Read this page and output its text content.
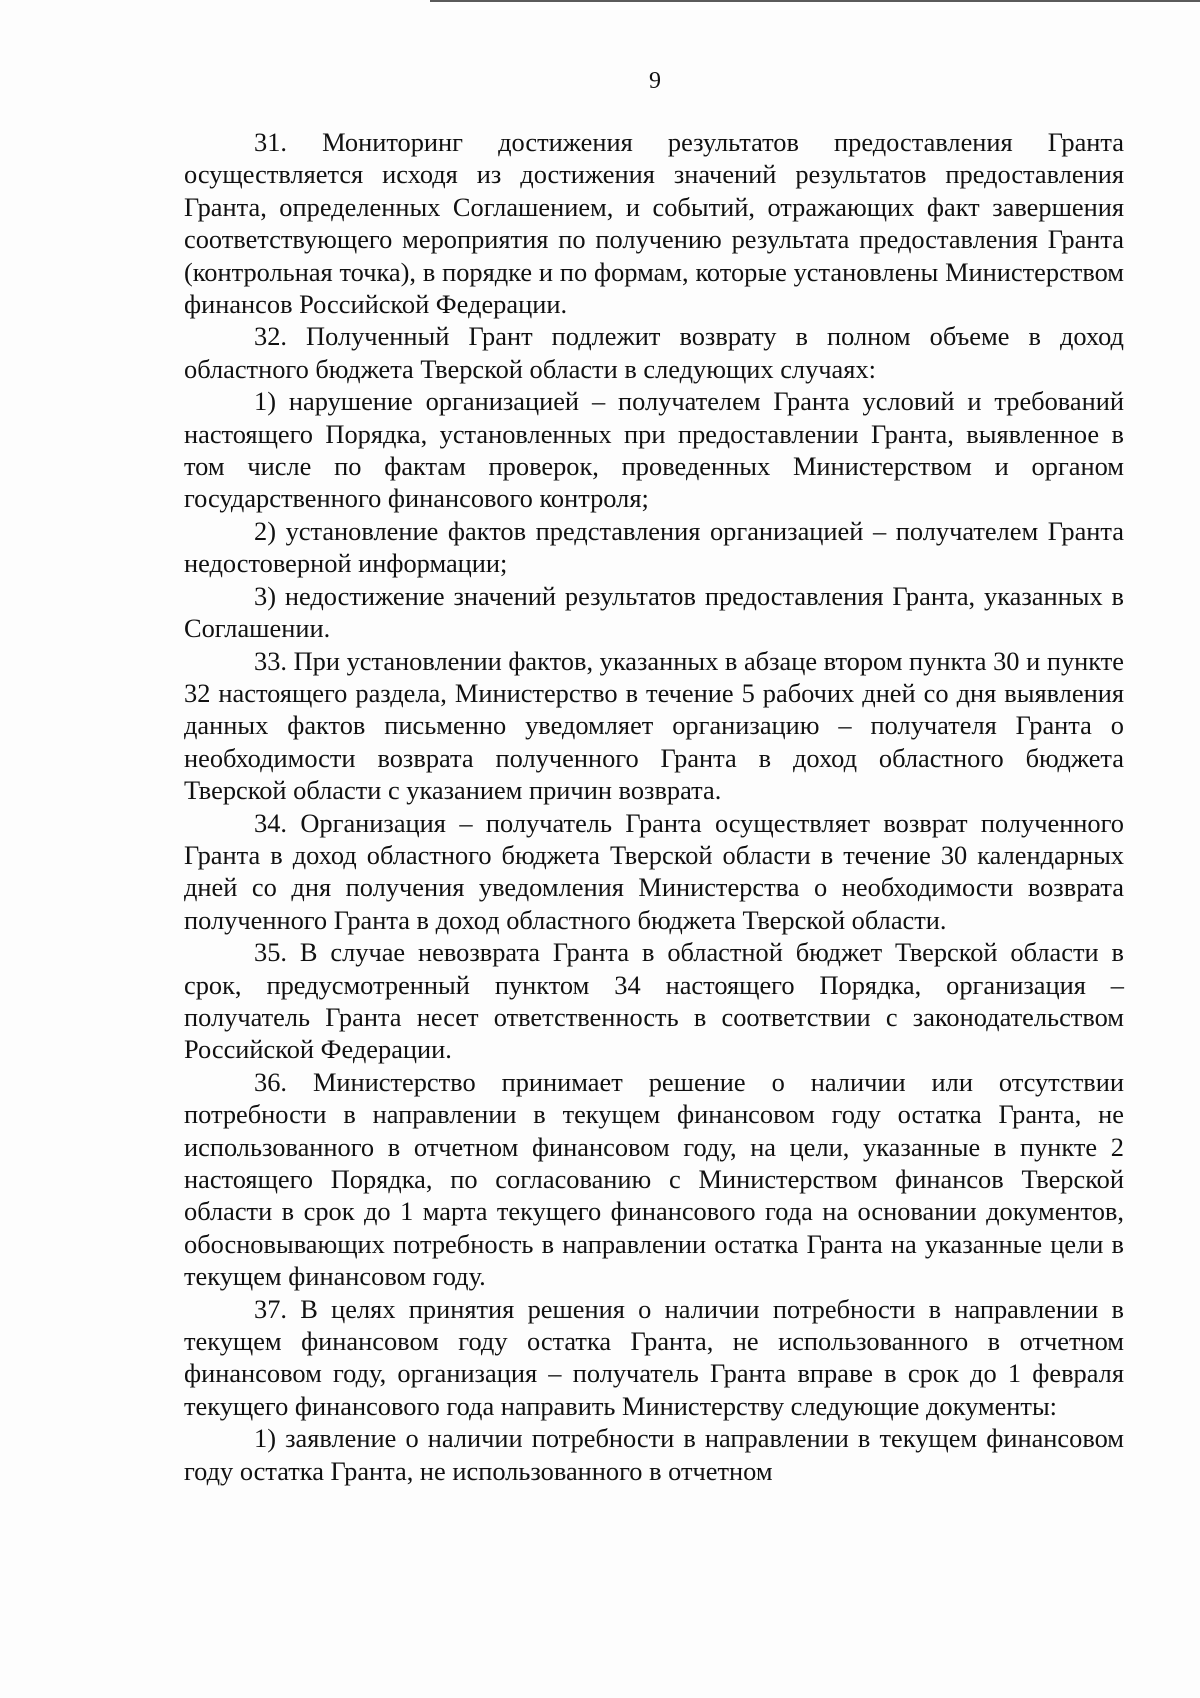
9

31. Мониторинг достижения результатов предоставления Гранта осуществляется исходя из достижения значений результатов предоставления Гранта, определенных Соглашением, и событий, отражающих факт завершения соответствующего мероприятия по получению результата предоставления Гранта (контрольная точка), в порядке и по формам, которые установлены Министерством финансов Российской Федерации.

32. Полученный Грант подлежит возврату в полном объеме в доход областного бюджета Тверской области в следующих случаях:

1) нарушение организацией – получателем Гранта условий и требований настоящего Порядка, установленных при предоставлении Гранта, выявленное в том числе по фактам проверок, проведенных Министерством и органом государственного финансового контроля;

2) установление фактов представления организацией – получателем Гранта недостоверной информации;

3) недостижение значений результатов предоставления Гранта, указанных в Соглашении.

33. При установлении фактов, указанных в абзаце втором пункта 30 и пункте 32 настоящего раздела, Министерство в течение 5 рабочих дней со дня выявления данных фактов письменно уведомляет организацию – получателя Гранта о необходимости возврата полученного Гранта в доход областного бюджета Тверской области с указанием причин возврата.

34. Организация – получатель Гранта осуществляет возврат полученного Гранта в доход областного бюджета Тверской области в течение 30 календарных дней со дня получения уведомления Министерства о необходимости возврата полученного Гранта в доход областного бюджета Тверской области.

35. В случае невозврата Гранта в областной бюджет Тверской области в срок, предусмотренный пунктом 34 настоящего Порядка, организация – получатель Гранта несет ответственность в соответствии с законодательством Российской Федерации.

36. Министерство принимает решение о наличии или отсутствии потребности в направлении в текущем финансовом году остатка Гранта, не использованного в отчетном финансовом году, на цели, указанные в пункте 2 настоящего Порядка, по согласованию с Министерством финансов Тверской области в срок до 1 марта текущего финансового года на основании документов, обосновывающих потребность в направлении остатка Гранта на указанные цели в текущем финансовом году.

37. В целях принятия решения о наличии потребности в направлении в текущем финансовом году остатка Гранта, не использованного в отчетном финансовом году, организация – получатель Гранта вправе в срок до 1 февраля текущего финансового года направить Министерству следующие документы:

1) заявление о наличии потребности в направлении в текущем финансовом году остатка Гранта, не использованного в отчетном
